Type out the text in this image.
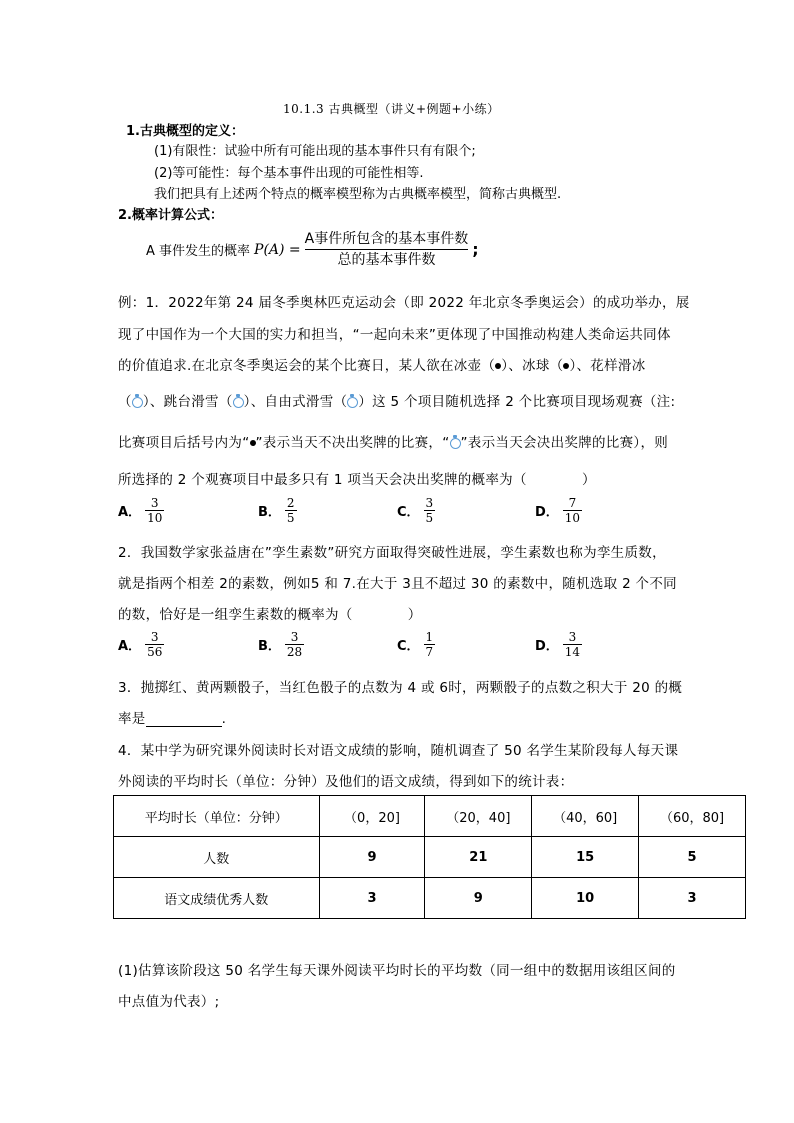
10.1.3 古典概型（讲义+例题+小练）
1.古典概型的定义：
(1)有限性：试验中所有可能出现的基本事件只有有限个;
(2)等可能性：每个基本事件出现的可能性相等.
我们把具有上述两个特点的概率模型称为古典概率模型，简称古典概型.
2.概率计算公式：
A 事件发生的概率 $P(A) = \frac{\text{A事件所包含的基本事件数}}{\text{总的基本事件数}}$ ;
例：1．2022年第 24 届冬季奥林匹克运动会（即 2022 年北京冬季奥运会）的成功举办，展
现了中国作为一个大国的实力和担当，“一起向未来”更体现了中国推动构建人类命运共同体
的价值追求.在北京冬季奥运会的某个比赛日，某人欲在冰壶（ ）、冰球（ ）、花样滑冰
（ ）、跳台滑雪（ ）、自由式滑雪（ ）这 5 个项目随机选择 2 个比赛项目现场观赛（注:
比赛项目后括号内为“ ”表示当天不决出奖牌的比赛，“ ”表示当天会决出奖牌的比赛），则
所选择的 2 个观赛项目中最多只有 1 项当天会决出奖牌的概率为（　　　　）
A． $\frac{3}{10}$	B． $\frac{2}{5}$	C． $\frac{3}{5}$	D． $\frac{7}{10}$
2．我国数学家张益唐在”孪生素数”研究方面取得突破性进展，孪生素数也称为孪生质数，
就是指两个相差 2的素数，例如5 和 7.在大于 3且不超过 30 的素数中，随机选取 2 个不同
的数，恰好是一组孪生素数的概率为（　　　　）
A． $\frac{3}{56}$	B． $\frac{3}{28}$	C． $\frac{1}{7}$	D． $\frac{3}{14}$
3．抛掷红、黄两颗骰子，当红色骰子的点数为 4 或 6时，两颗骰子的点数之积大于 20 的概
率是	.
4．某中学为研究课外阅读时长对语文成绩的影响，随机调查了 50 名学生某阶段每人每天课
外阅读的平均时长（单位：分钟）及他们的语文成绩，得到如下的统计表：
平均时长（单位：分钟）	（0，20]	（20，40]	（40，60]	（60，80]
人数	9	21	15	5
语文成绩优秀人数	3	9	10	3
(1)估算该阶段这 50 名学生每天课外阅读平均时长的平均数（同一组中的数据用该组区间的
中点值为代表）;
